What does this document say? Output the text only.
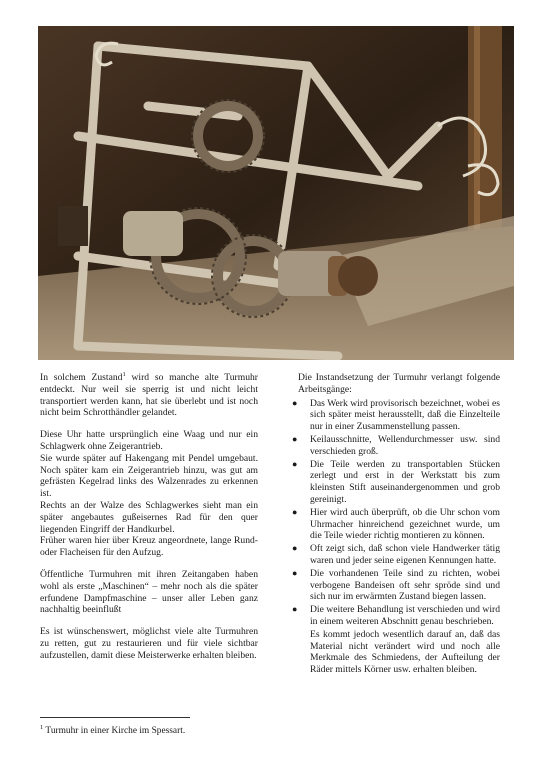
In solchem Zustand$^1$ wird so manche alte Turmuhr entdeckt. Nur weil sie sperrig ist und nicht leicht transportiert werden kann, hat sie überlebt und ist noch nicht beim Schrotthändler gelandet.

Diese Uhr hatte ursprünglich eine Waag und nur ein Schlagwerk ohne Zeigerantrieb.
Sie wurde später auf Hakengang mit Pendel umgebaut. Noch später kam ein Zeigerantrieb hinzu, was gut am gefrästen Kegelrad links des Walzenrades zu erkennen ist.
Rechts an der Walze des Schlagwerkes sieht man ein später angebautes gußeisernes Rad für den quer liegenden Eingriff der Handkurbel.
Früher waren hier über Kreuz angeordnete, lange Rund- oder Flacheisen für den Aufzug.

Öffentliche Turmuhren mit ihren Zeitangaben haben wohl als erste „Maschinen“ – mehr noch als die später erfundene Dampfmaschine – unser aller Leben ganz nachhaltig beeinflußt

Es ist wünschenswert, möglichst viele alte Turmuhren zu retten, gut zu restaurieren und für viele sichtbar aufzustellen, damit diese Meisterwerke erhalten bleiben.

Die Instandsetzung der Turmuhr verlangt folgende Arbeitsgänge:

●	Das Werk wird provisorisch bezeichnet, wobei es sich später meist herausstellt, daß die Einzelteile nur in einer Zusammenstellung passen.
●	Keilausschnitte, Wellendurchmesser usw. sind verschieden groß.
●	Die Teile werden zu transportablen Stücken zerlegt und erst in der Werkstatt bis zum kleinsten Stift auseinandergenommen und grob gereinigt.
●	Hier wird auch überprüft, ob die Uhr schon vom Uhrmacher hinreichend gezeichnet wurde, um die Teile wieder richtig montieren zu können.
●	Oft zeigt sich, daß schon viele Handwerker tätig waren und jeder seine eigenen Kennungen hatte.
●	Die vorhandenen Teile sind zu richten, wobei verbogene Bandeisen oft sehr spröde sind und sich nur im erwärmten Zustand biegen lassen.
●	Die weitere Behandlung ist verschieden und wird in einem weiteren Abschnitt genau beschrieben.

Es kommt jedoch wesentlich darauf an, daß das Material nicht verändert wird und noch alle Merkmale des Schmiedens, der Aufteilung der Räder mittels Körner usw. erhalten bleiben.

$^1$ Turmuhr in einer Kirche im Spessart.
